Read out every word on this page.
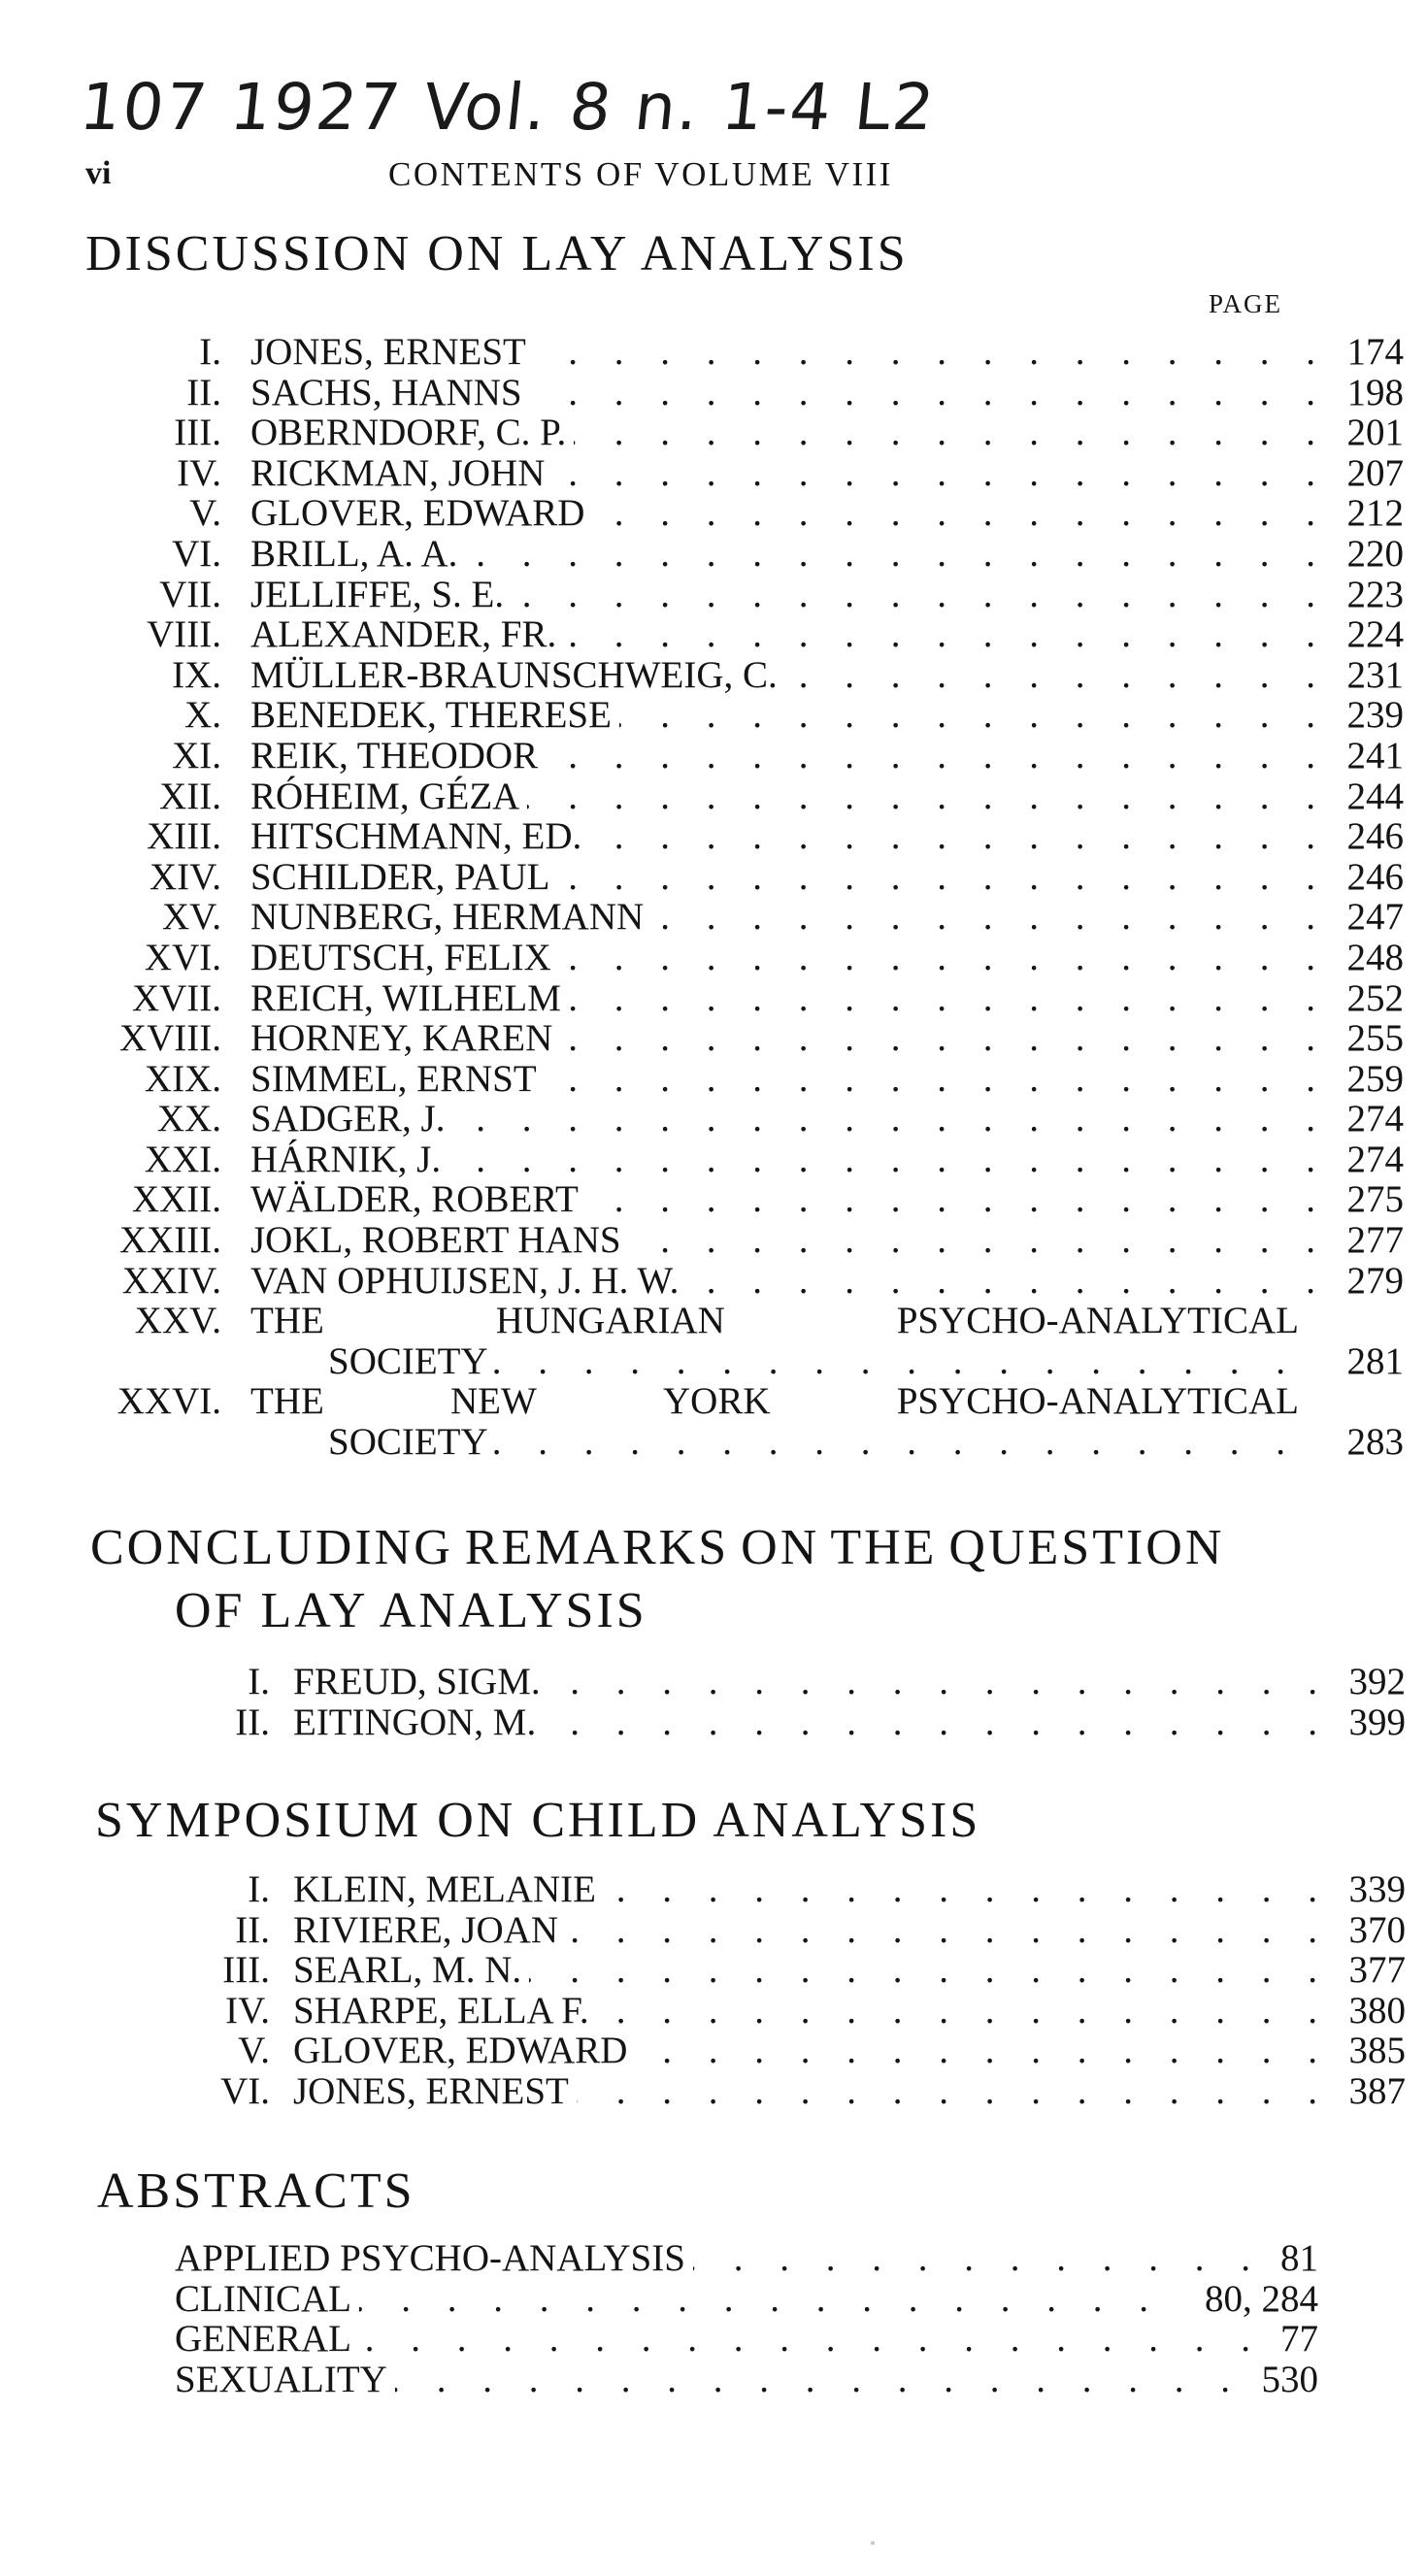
107 1927 Vol. 8 n. 1-4 L2
vi	CONTENTS OF VOLUME VIII
DISCUSSION ON LAY ANALYSIS
PAGE
I. JONES, ERNEST . . .	174
II. SACHS, HANNS . . .	198
III. OBERNDORF, C. P. . . .	201
IV. RICKMAN, JOHN . . .	207
V. GLOVER, EDWARD . . .	212
VI. BRILL, A. A. . . .	220
VII. JELLIFFE, S. E. . . .	223
VIII. ALEXANDER, FR. . . .	224
IX. MÜLLER-BRAUNSCHWEIG, C. . . .	231
X. BENEDEK, THERESE . . .	239
XI. REIK, THEODOR . . .	241
XII. RÓHEIM, GÉZA . . .	244
XIII. HITSCHMANN, ED. . . .	246
XIV. SCHILDER, PAUL . . .	246
XV. NUNBERG, HERMANN . . .	247
XVI. DEUTSCH, FELIX . . .	248
XVII. REICH, WILHELM . . .	252
XVIII. HORNEY, KAREN . . .	255
XIX. SIMMEL, ERNST . . .	259
XX. SADGER, J. . . .	274
XXI. HÁRNIK, J. . . .	274
XXII. WÄLDER, ROBERT . . .	275
XXIII. JOKL, ROBERT HANS . . .	277
XXIV. VAN OPHUIJSEN, J. H. W. . . .	279
XXV. THE	HUNGARIAN	PSYCHO-ANALYTICAL
SOCIETY . . .	281
XXVI. THE	NEW	YORK	PSYCHO-ANALYTICAL
SOCIETY . . .	283
CONCLUDING REMARKS ON THE QUESTION
OF LAY ANALYSIS
I. FREUD, SIGM. . . .	392
II. EITINGON, M. . . .	399
SYMPOSIUM ON CHILD ANALYSIS
I. KLEIN, MELANIE . . .	339
II. RIVIERE, JOAN . . .	370
III. SEARL, M. N. . . .	377
IV. SHARPE, ELLA F. . . .	380
V. GLOVER, EDWARD . . .	385
VI. JONES, ERNEST . . .	387
ABSTRACTS
APPLIED PSYCHO-ANALYSIS . . .	81
CLINICAL . . .	80, 284
GENERAL . . .	77
SEXUALITY . . .	530
